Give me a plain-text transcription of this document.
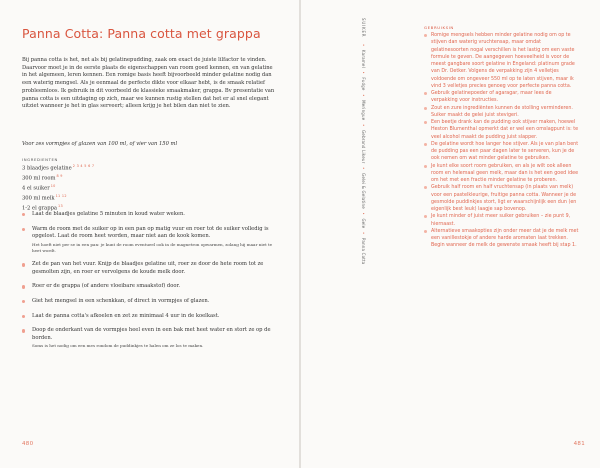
Panna Cotta: Panna cotta met grappa

Bij panna cotta is het, net als bij gelatinepudding, zaak om exact de juiste lilfactor te vinden. Daarvoor moet je in de eerste plaats de eigenschappen van room goed kennen, en van gelatine in het algemeen, leren kennen. Een romige basis heeft bijvoorbeeld minder gelatine nodig dan een waterig mengsel. Als je eenmaal de perfecte dikte voor elkaar hebt, is de smaak relatief probleemloos. Ik gebruik in dit voorbeeld de klassieke smaakmaker, grappa. Bv presentatie van panna cotta is een uitdaging op zich, maar we kunnen rustig stellen dat het er al snel elegant uitziet wanneer je het in glas serveert; alleen krijg je het bilen dan niet te zien.

Voor zes vormpjes of glazen van 100 ml, of vier van 150 ml

INGREDIENTEN
3 blaadjes gelatine$^{2 3 4 5 6 7}$
300 ml room$^{8 9}$
4 el suiker$^{10}$
300 ml melk$^{11 12}$
1-2 el grappa$^{13}$
Laat de blaadjes gelatine 5 minuten in koud water weken.
Warm de room met de suiker op in een pan op matig vuur en roer tot de suiker volledig is opgelost. Laat de room heet worden, maar niet aan de kook komen.
Het hoeft niet per se in een pan: je kunt de room eventueel ook in de magnetron opwarmen, zolang hij maar niet te heet wordt.
Zet de pan van het vuur. Knijp de blaadjes gelatine uit, roer ze door de hete room tot ze gesmolten zijn, en roer er vervolgens de koude melk door.
Roer er de grappa (of andere vloeibare smaakstof) door.
Giet het mengsel in een schenkkan, of direct in vormpjes of glazen.
Laat de panna cotta's afkoelen en zet ze minimaal 4 uur in de koelkast.
Doop de onderkant van de vormpjes heel even in een bak met heet water en stort ze op de borden.
Soms is het nodig om een mes rondom de puddinkjes te halen om ze los te maken.
480	481
SUIKER • Karamel • Fudge • Meringue • Gebrand Likeur • Gelei & Gelatine • Gele • Panna Cotta
GEBRUIKSIN
Romige mengsels hebben minder gelatine nodig om op te stijven dan waterig vruchtensap, maar omdat gelatinesoorten nogal verschillen is het lastig om een vaste formule te geven. De aangegeven hoeveelheid is voor de meest gangbare soort gelatine in Engeland: platinum grade van Dr. Oetker. Volgens de verpakking zijn 4 velletjes voldoende om ongeveer 550 ml op te laten stijven, maar ik vind 3 velletjes precies genoeg voor perfecte panna cotta.
Gebruik gelatinepoeder of agaragar, maar lees de verpakking voor instructies.
Zout en zure ingrediënten kunnen de stolling verminderen. Suiker maakt de gelei juist stevigeri.
Een beetje drank kan de pudding ook stijver maken, hoewel Heston Blumenthal opmerkt dat er wel een omslagpunt is: te veel alcohol maakt de pudding juist slapper.
De gelatine wordt hoe langer hoe stijver. Als je van plan bent de pudding pas een paar dagen later te serveren, kun je de ook nemen om wat minder gelatine te gebruiken.
Je kunt elke soort room gebruiken, en als je wilt ook alleen room en helemaal geen melk, maar dan is het een goed idee om het met een fractie minder gelatine te proberen.
Gebruik half room en half vruchtensap (in plaats van melk) voor een pastelkleurige, fruitige panna cotta. Wanneer je de gesmolde puddinkjes stort, ligt er waarschijnlijk een dun (en eigenlijk best leuk) laagje sap bovenop.
Je kunt minder of juist meer suiker gebruiken – zie punt 9, hiernaast.
Alternatieve smaakopties zijn onder meer dat je de melk met een vanillestokje of andere harde aromaten laat trekken. Begin wanneer de melk de gewenste smaak heeft bij stap 1.
